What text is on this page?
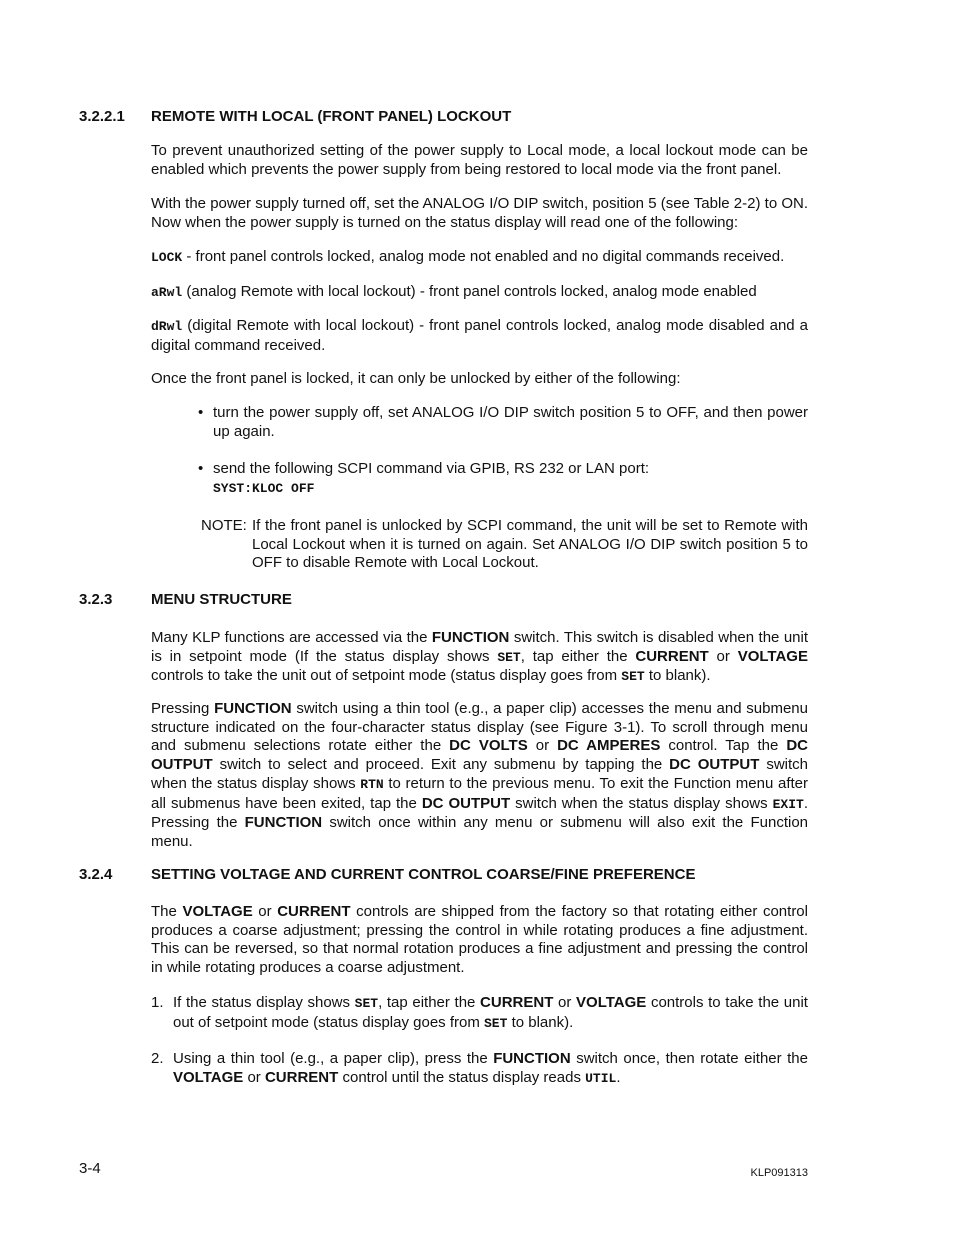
3.2.2.1 REMOTE WITH LOCAL (FRONT PANEL) LOCKOUT

To prevent unauthorized setting of the power supply to Local mode, a local lockout mode can be enabled which prevents the power supply from being restored to local mode via the front panel.

With the power supply turned off, set the ANALOG I/O DIP switch, position 5 (see Table 2-2) to ON. Now when the power supply is turned on the status display will read one of the following:

LOCK - front panel controls locked, analog mode not enabled and no digital commands received.

aRwl (analog Remote with local lockout) - front panel controls locked, analog mode enabled

dRwl (digital Remote with local lockout) - front panel controls locked, analog mode disabled and a digital command received.

Once the front panel is locked, it can only be unlocked by either of the following:

• turn the power supply off, set ANALOG I/O DIP switch position 5 to OFF, and then power up again.
• send the following SCPI command via GPIB, RS 232 or LAN port:
SYST:KLOC OFF
NOTE: If the front panel is unlocked by SCPI command, the unit will be set to Remote with Local Lockout when it is turned on again. Set ANALOG I/O DIP switch position 5 to OFF to disable Remote with Local Lockout.
3.2.3	MENU STRUCTURE

Many KLP functions are accessed via the FUNCTION switch. This switch is disabled when the unit is in setpoint mode (If the status display shows SET, tap either the CURRENT or VOLTAGE controls to take the unit out of setpoint mode (status display goes from SET to blank).

Pressing FUNCTION switch using a thin tool (e.g., a paper clip) accesses the menu and submenu structure indicated on the four-character status display (see Figure 3-1). To scroll through menu and submenu selections rotate either the DC VOLTS or DC AMPERES control. Tap the DC OUTPUT switch to select and proceed. Exit any submenu by tapping the DC OUTPUT switch when the status display shows RTN to return to the previous menu. To exit the Function menu after all submenus have been exited, tap the DC OUTPUT switch when the status display shows EXIT. Pressing the FUNCTION switch once within any menu or submenu will also exit the Function menu.

3.2.4	SETTING VOLTAGE AND CURRENT CONTROL COARSE/FINE PREFERENCE

The VOLTAGE or CURRENT controls are shipped from the factory so that rotating either control produces a coarse adjustment; pressing the control in while rotating produces a fine adjustment. This can be reversed, so that normal rotation produces a fine adjustment and pressing the control in while rotating produces a coarse adjustment.

1. If the status display shows SET, tap either the CURRENT or VOLTAGE controls to take the unit out of setpoint mode (status display goes from SET to blank).
2. Using a thin tool (e.g., a paper clip), press the FUNCTION switch once, then rotate either the VOLTAGE or CURRENT control until the status display reads UTIL.
3-4	KLP091313
